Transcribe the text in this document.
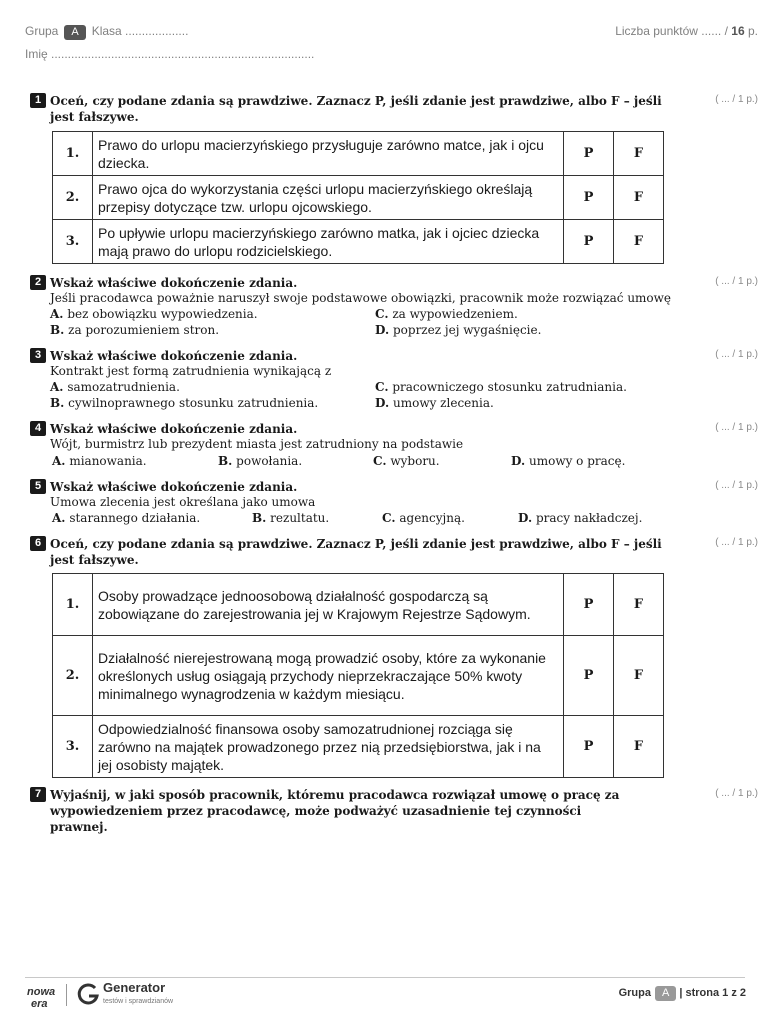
Grupa A Klasa ...................
Imię ...............................................................................
Liczba punktów ...... / 16 p.
1 Oceń, czy podane zdania są prawdziwe. Zaznacz P, jeśli zdanie jest prawdziwe, albo F – jeśli jest fałszywe.
( ... / 1 p.)
1.	Prawo do urlopu macierzyńskiego przysługuje zarówno matce, jak i ojcu dziecka.	P	F
2.	Prawo ojca do wykorzystania części urlopu macierzyńskiego określają przepisy dotyczące tzw. urlopu ojcowskiego.	P	F
3.	Po upływie urlopu macierzyńskiego zarówno matka, jak i ojciec dziecka mają prawo do urlopu rodzicielskiego.	P	F
2 Wskaż właściwe dokończenie zdania.	( ... / 1 p.)
Jeśli pracodawca poważnie naruszył swoje podstawowe obowiązki, pracownik może rozwiązać umowę
A. bez obowiązku wypowiedzenia.	C. za wypowiedzeniem.
B. za porozumieniem stron.	D. poprzez jej wygaśnięcie.
3 Wskaż właściwe dokończenie zdania.	( ... / 1 p.)
Kontrakt jest formą zatrudnienia wynikającą z
A. samozatrudnienia.	C. pracowniczego stosunku zatrudniania.
B. cywilnoprawnego stosunku zatrudnienia.	D. umowy zlecenia.
4 Wskaż właściwe dokończenie zdania.	( ... / 1 p.)
Wójt, burmistrz lub prezydent miasta jest zatrudniony na podstawie
A. mianowania.	B. powołania.	C. wyboru.	D. umowy o pracę.
5 Wskaż właściwe dokończenie zdania.	( ... / 1 p.)
Umowa zlecenia jest określana jako umowa
A. starannego działania.	B. rezultatu.	C. agencyjną.	D. pracy nakładczej.
6 Oceń, czy podane zdania są prawdziwe. Zaznacz P, jeśli zdanie jest prawdziwe, albo F – jeśli jest fałszywe.
( ... / 1 p.)
1.	Osoby prowadzące jednoosobową działalność gospodarczą są zobowiązane do zarejestrowania jej w Krajowym Rejestrze Sądowym.	P	F
2.	Działalność nierejestrowaną mogą prowadzić osoby, które za wykonanie określonych usług osiągają przychody nieprzekraczające 50% kwoty minimalnego wynagrodzenia w każdym miesiącu.	P	F
3.	Odpowiedzialność finansowa osoby samozatrudnionej rozciąga się zarówno na majątek prowadzonego przez nią przedsiębiorstwa, jak i na jej osobisty majątek.	P	F
7 Wyjaśnij, w jaki sposób pracownik, któremu pracodawca rozwiązał umowę o pracę za wypowiedzeniem przez pracodawcę, może podważyć uzasadnienie tej czynności prawnej.
( ... / 1 p.)
nowa
era
Generator
testów i sprawdzianów
Grupa A | strona 1 z 2
